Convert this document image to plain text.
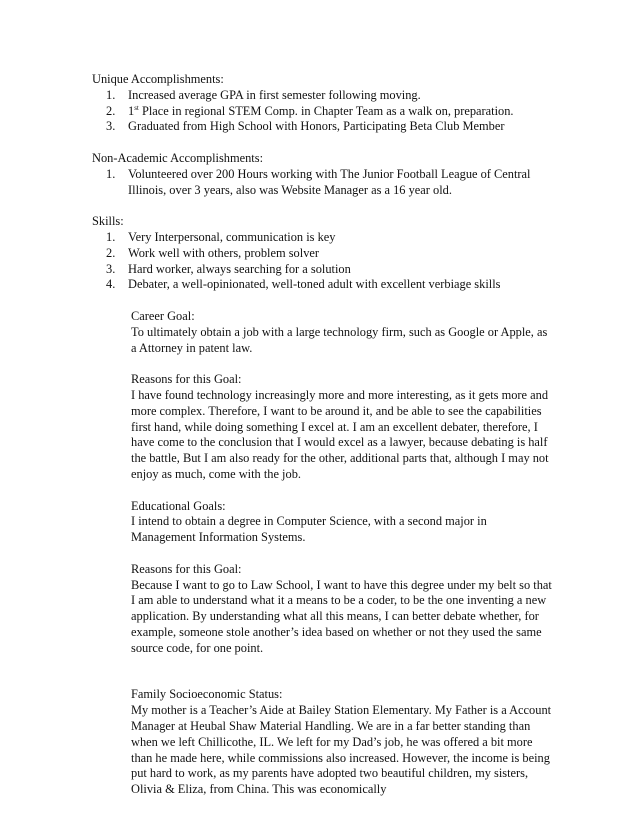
Unique Accomplishments:

1. Increased average GPA in first semester following moving.
2. 1st Place in regional STEM Comp. in Chapter Team as a walk on, preparation.
3. Graduated from High School with Honors, Participating Beta Club Member

Non-Academic Accomplishments:

1. Volunteered over 200 Hours working with The Junior Football League of Central Illinois, over 3 years, also was Website Manager as a 16 year old.

Skills:

1. Very Interpersonal, communication is key
2. Work well with others, problem solver
3. Hard worker, always searching for a solution
4. Debater, a well-opinionated, well-toned adult with excellent verbiage skills

Career Goal:

To ultimately obtain a job with a large technology firm, such as Google or Apple, as a Attorney in patent law.

Reasons for this Goal:

I have found technology increasingly more and more interesting, as it gets more and more complex. Therefore, I want to be around it, and be able to see the capabilities first hand, while doing something I excel at. I am an excellent debater, therefore, I have come to the conclusion that I would excel as a lawyer, because debating is half the battle, But I am also ready for the other, additional parts that, although I may not enjoy as much, come with the job.

Educational Goals:

I intend to obtain a degree in Computer Science, with a second major in Management Information Systems.

Reasons for this Goal:

Because I want to go to Law School, I want to have this degree under my belt so that I am able to understand what it a means to be a coder, to be the one inventing a new application. By understanding what all this means, I can better debate whether, for example, someone stole another’s idea based on whether or not they used the same source code, for one point.

Family Socioeconomic Status:

My mother is a Teacher’s Aide at Bailey Station Elementary. My Father is a Account Manager at Heubal Shaw Material Handling. We are in a far better standing than when we left Chillicothe, IL. We left for my Dad’s job, he was offered a bit more than he made here, while commissions also increased. However, the income is being put hard to work, as my parents have adopted two beautiful children, my sisters, Olivia & Eliza, from China. This was economically
